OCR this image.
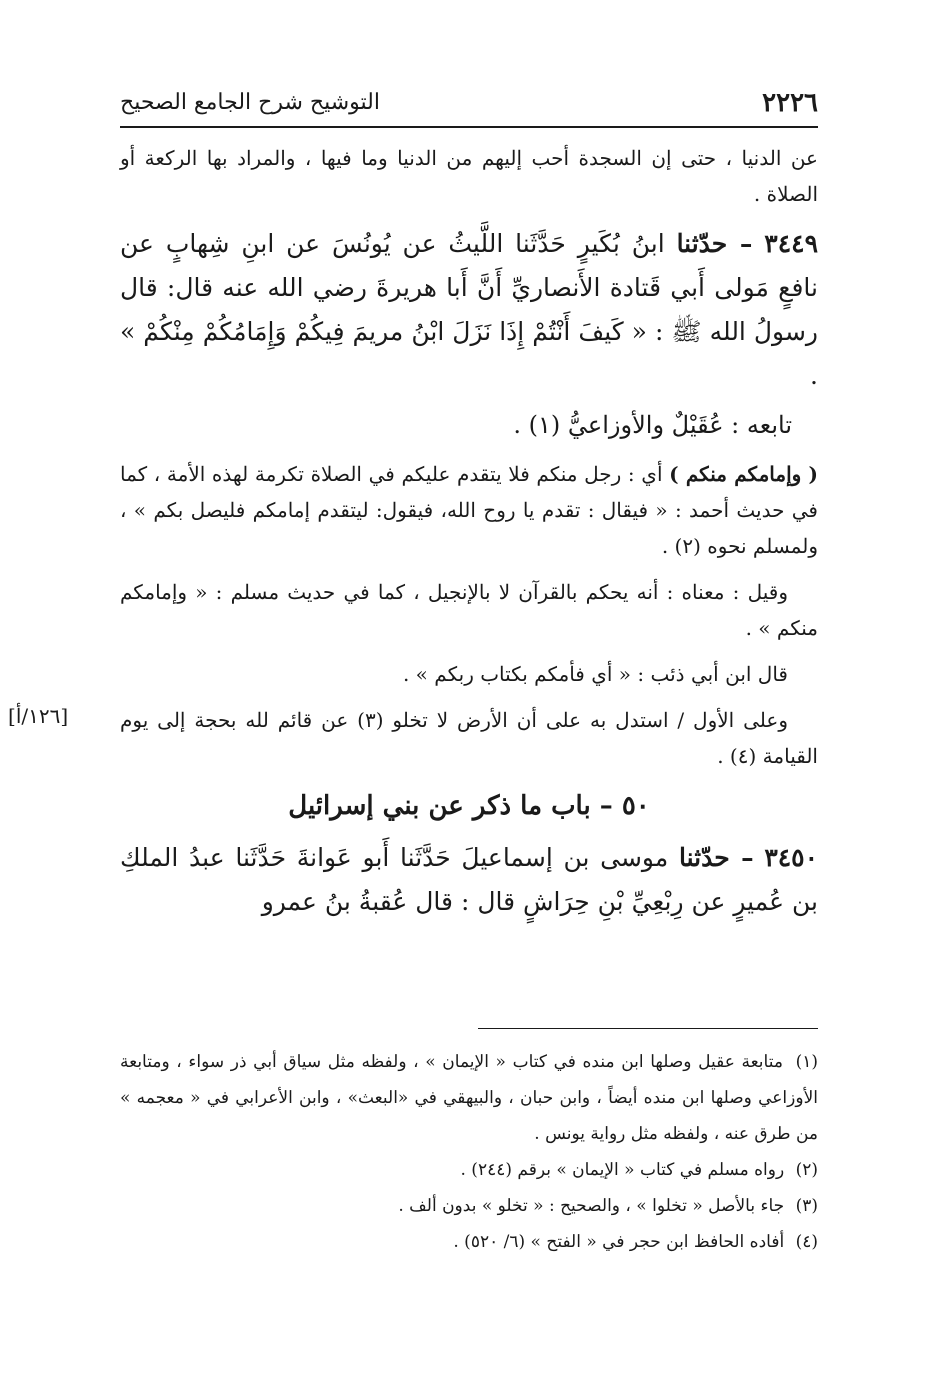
٢٢٢٦
التوشيح شرح الجامع الصحيح

عن الدنيا ، حتى إن السجدة أحب إليهم من الدنيا وما فيها ، والمراد بها الركعة أو الصلاة .

٣٤٤٩ – حدّثنا ابنُ بُكَيرٍ حَدَّثَنا اللَّيثُ عن يُونُسَ عن ابنِ شِهابٍ عن نافعٍ مَولى أَبي قَتادة الأَنصاريِّ أَنَّ أَبا هريرةَ رضي الله عنه قال: قال رسولُ الله ﷺ : « كَيفَ أَنْتُمْ إِذَا نَزَلَ ابْنُ مريمَ فِيكُمْ وَإِمَامُكُمْ مِنْكُمْ » .

تابعه : عُقَيْلٌ والأوزاعيُّ (١) .

( وإمامكم منكم ) أي : رجل منكم فلا يتقدم عليكم في الصلاة تكرمة لهذه الأمة ، كما في حديث أحمد : « فيقال : تقدم يا روح الله، فيقول: ليتقدم إمامكم فليصل بكم » ، ولمسلم نحوه (٢) .

وقيل : معناه : أنه يحكم بالقرآن لا بالإنجيل ، كما في حديث مسلم : « وإمامكم منكم » .

قال ابن أبي ذئب : « أي فأمكم بكتاب ربكم » .

[١٢٦/أ]	وعلى الأول / استدل به على أن الأرض لا تخلو (٣) عن قائم لله بحجة إلى يوم القيامة (٤) .

٥٠ – باب ما ذكر عن بني إسرائيل

٣٤٥٠ – حدّثنا موسى بن إسماعيلَ حَدَّثَنا أَبو عَوانةَ حَدَّثَنا عبدُ الملكِ بن عُميرٍ عن رِبْعِيِّ بْنِ حِرَاشٍ قال : قال عُقبةُ بنُ عمرو

(١) متابعة عقيل وصلها ابن منده في كتاب « الإيمان » ، ولفظه مثل سياق أبي ذر سواء ، ومتابعة الأوزاعي وصلها ابن منده أيضاً ، وابن حبان ، والبيهقي في «البعث» ، وابن الأعرابي في « معجمه » من طرق عنه ، ولفظه مثل رواية يونس .

(٢) رواه مسلم في كتاب « الإيمان » برقم (٢٤٤) .

(٣) جاء بالأصل « تخلوا » ، والصحيح : « تخلو » بدون ألف .

(٤) أفاده الحافظ ابن حجر في « الفتح » (٦/ ٥٢٠) .
